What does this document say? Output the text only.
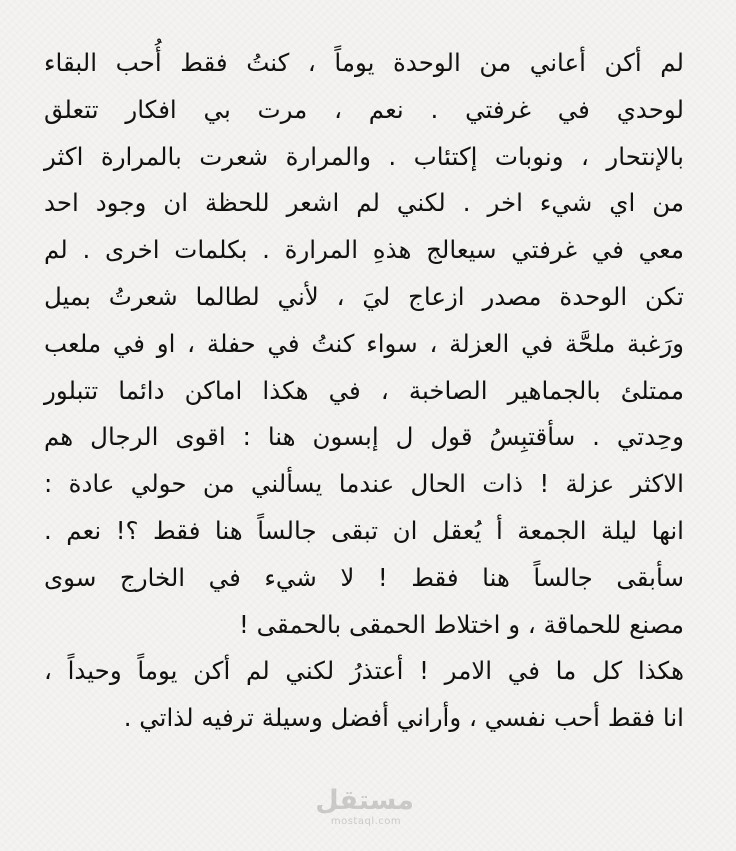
لم أكن أعاني من الوحدة يوماً ، كنتُ فقط أُحب البقاء
لوحدي في غرفتي . نعم ، مرت بي افكار تتعلق
بالإنتحار ، ونوبات إكتئاب . والمرارة شعرت بالمرارة اكثر
من اي شيء اخر . لكني لم اشعر للحظة ان وجود احد
معي في غرفتي سيعالج هذهِ المرارة . بكلمات اخرى . لم
تكن الوحدة مصدر ازعاج ليَ ، لأني لطالما شعرتُ بميل
ورَغبة ملحَّة في العزلة ، سواء كنتُ في حفلة ، او في ملعب
ممتلئ بالجماهير الصاخبة ، في هكذا اماكن دائما تتبلور
وحِدتي . سأقتبِسُ قول ل إبسون هنا : اقوى الرجال هم
الاكثر عزلة ! ذات الحال عندما يسألني من حولي عادة :
انها ليلة الجمعة أ يُعقل ان تبقى جالساً هنا فقط ؟! نعم .
سأبقى جالساً هنا فقط ! لا شيء في الخارج سوى
مصنع للحماقة ، و اختلاط الحمقى بالحمقى !
هكذا كل ما في الامر ! أعتذرُ لكني لم أكن يوماً وحيداً ،
انا فقط أحب نفسي ، وأراني أفضل وسيلة ترفيه لذاتي .
مستقل
mostaql.com
